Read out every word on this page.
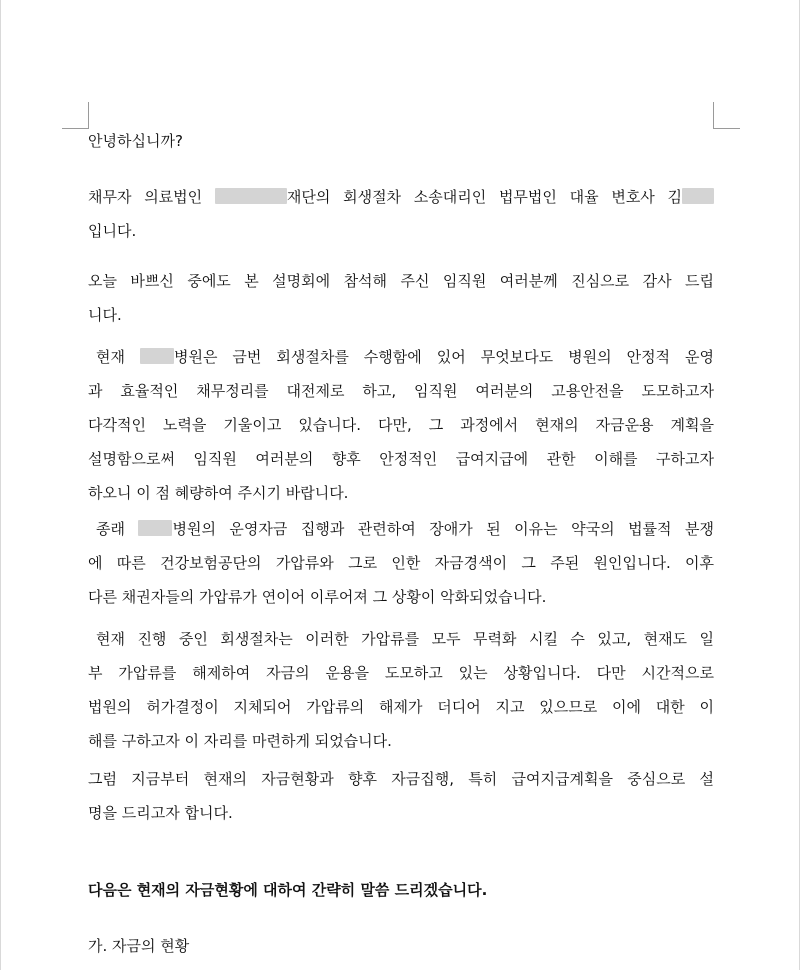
안녕하십니까?
채무자 의료법인	재단의 회생절차 소송대리인 법무법인 대율 변호사 김
입니다.
오늘 바쁘신 중에도 본 설명회에 참석해 주신 임직원 여러분께 진심으로 감사 드립
니다.
현재 병원은 금번 회생절차를 수행함에 있어 무엇보다도 병원의 안정적 운영
과 효율적인 채무정리를 대전제로 하고, 임직원 여러분의 고용안전을 도모하고자
다각적인 노력을 기울이고 있습니다. 다만, 그 과정에서 현재의 자금운용 계획을
설명함으로써 임직원 여러분의 향후 안정적인 급여지급에 관한 이해를 구하고자
하오니 이 점 혜량하여 주시기 바랍니다.
종래 병원의 운영자금 집행과 관련하여 장애가 된 이유는 약국의 법률적 분쟁
에 따른 건강보험공단의 가압류와 그로 인한 자금경색이 그 주된 원인입니다. 이후
다른 채권자들의 가압류가 연이어 이루어져 그 상황이 악화되었습니다.
현재 진행 중인 회생절차는 이러한 가압류를 모두 무력화 시킬 수 있고, 현재도 일
부 가압류를 해제하여 자금의 운용을 도모하고 있는 상황입니다. 다만 시간적으로
법원의 허가결정이 지체되어 가압류의 해제가 더디어 지고 있으므로 이에 대한 이
해를 구하고자 이 자리를 마련하게 되었습니다.
그럼 지금부터 현재의 자금현황과 향후 자금집행, 특히 급여지급계획을 중심으로 설
명을 드리고자 합니다.
다음은 현재의 자금현황에 대하여 간략히 말씀 드리겠습니다.
가. 자금의 현황
